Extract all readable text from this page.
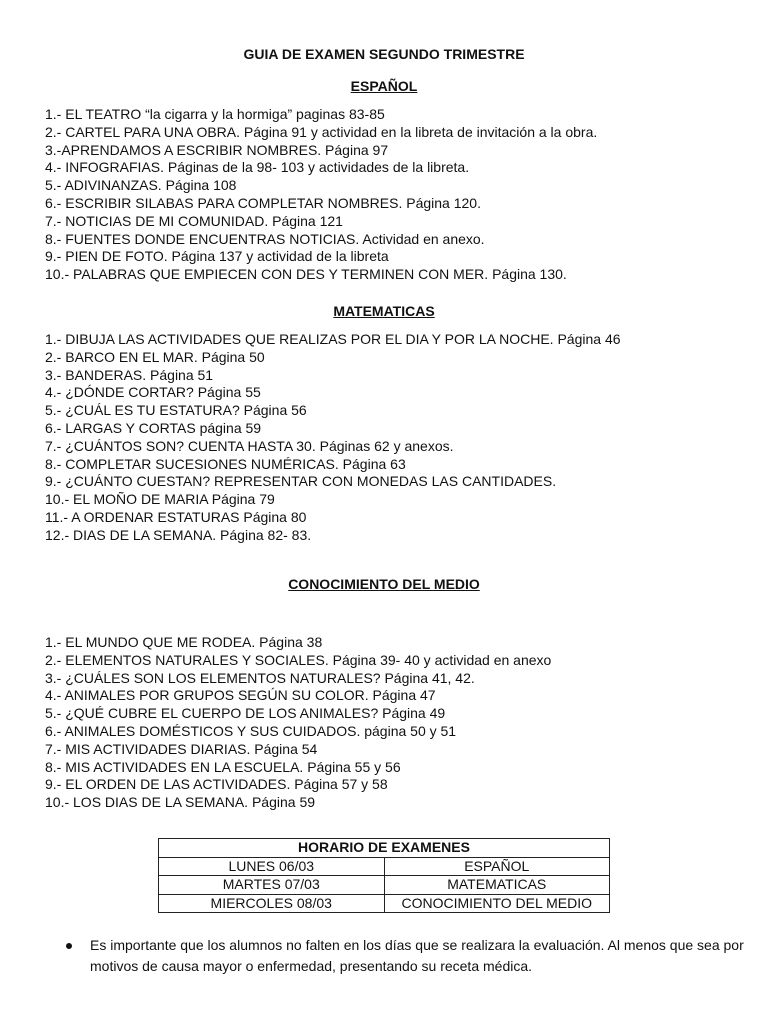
GUIA DE EXAMEN SEGUNDO TRIMESTRE
ESPAÑOL
1.- EL TEATRO “la cigarra y la hormiga” paginas 83-85
2.- CARTEL PARA UNA OBRA. Página 91 y actividad en la libreta de invitación a la obra.
3.-APRENDAMOS A ESCRIBIR NOMBRES. Página 97
4.- INFOGRAFIAS. Páginas de la 98- 103 y actividades de la libreta.
5.- ADIVINANZAS. Página 108
6.- ESCRIBIR SILABAS PARA COMPLETAR NOMBRES. Página 120.
7.- NOTICIAS DE MI COMUNIDAD. Página 121
8.- FUENTES DONDE ENCUENTRAS NOTICIAS. Actividad en anexo.
9.- PIEN DE FOTO. Página 137 y actividad de la libreta
10.- PALABRAS QUE EMPIECEN CON DES Y TERMINEN CON MER. Página 130.
MATEMATICAS
1.- DIBUJA LAS ACTIVIDADES QUE REALIZAS POR EL DIA Y POR LA NOCHE. Página 46
2.- BARCO EN EL MAR. Página 50
3.- BANDERAS. Página 51
4.- ¿DÓNDE CORTAR? Página 55
5.- ¿CUÁL ES TU ESTATURA? Página 56
6.- LARGAS Y CORTAS página 59
7.- ¿CUÁNTOS SON? CUENTA HASTA 30. Páginas 62 y anexos.
8.- COMPLETAR SUCESIONES NUMÉRICAS. Página 63
9.- ¿CUÁNTO CUESTAN? REPRESENTAR CON MONEDAS LAS CANTIDADES.
10.- EL MOÑO DE MARIA Página 79
11.- A ORDENAR ESTATURAS Página 80
12.- DIAS DE LA SEMANA. Página 82- 83.
CONOCIMIENTO DEL MEDIO
1.- EL MUNDO QUE ME RODEA. Página 38
2.- ELEMENTOS NATURALES Y SOCIALES. Página 39- 40 y actividad en anexo
3.- ¿CUÁLES SON LOS ELEMENTOS NATURALES? Página 41, 42.
4.- ANIMALES POR GRUPOS SEGÚN SU COLOR. Página 47
5.- ¿QUÉ CUBRE EL CUERPO DE LOS ANIMALES? Página 49
6.- ANIMALES DOMÉSTICOS Y SUS CUIDADOS. página 50 y 51
7.- MIS ACTIVIDADES DIARIAS. Página 54
8.- MIS ACTIVIDADES EN LA ESCUELA. Página 55 y 56
9.- EL ORDEN DE LAS ACTIVIDADES. Página 57 y 58
10.- LOS DIAS DE LA SEMANA. Página 59
HORARIO DE EXAMENES	
LUNES 06/03	ESPAÑOL
MARTES 07/03	MATEMATICAS
MIERCOLES 08/03	CONOCIMIENTO DEL MEDIO
Es importante que los alumnos no falten en los días que se realizara la evaluación. Al menos que sea por motivos de causa mayor o enfermedad, presentando su receta médica.
